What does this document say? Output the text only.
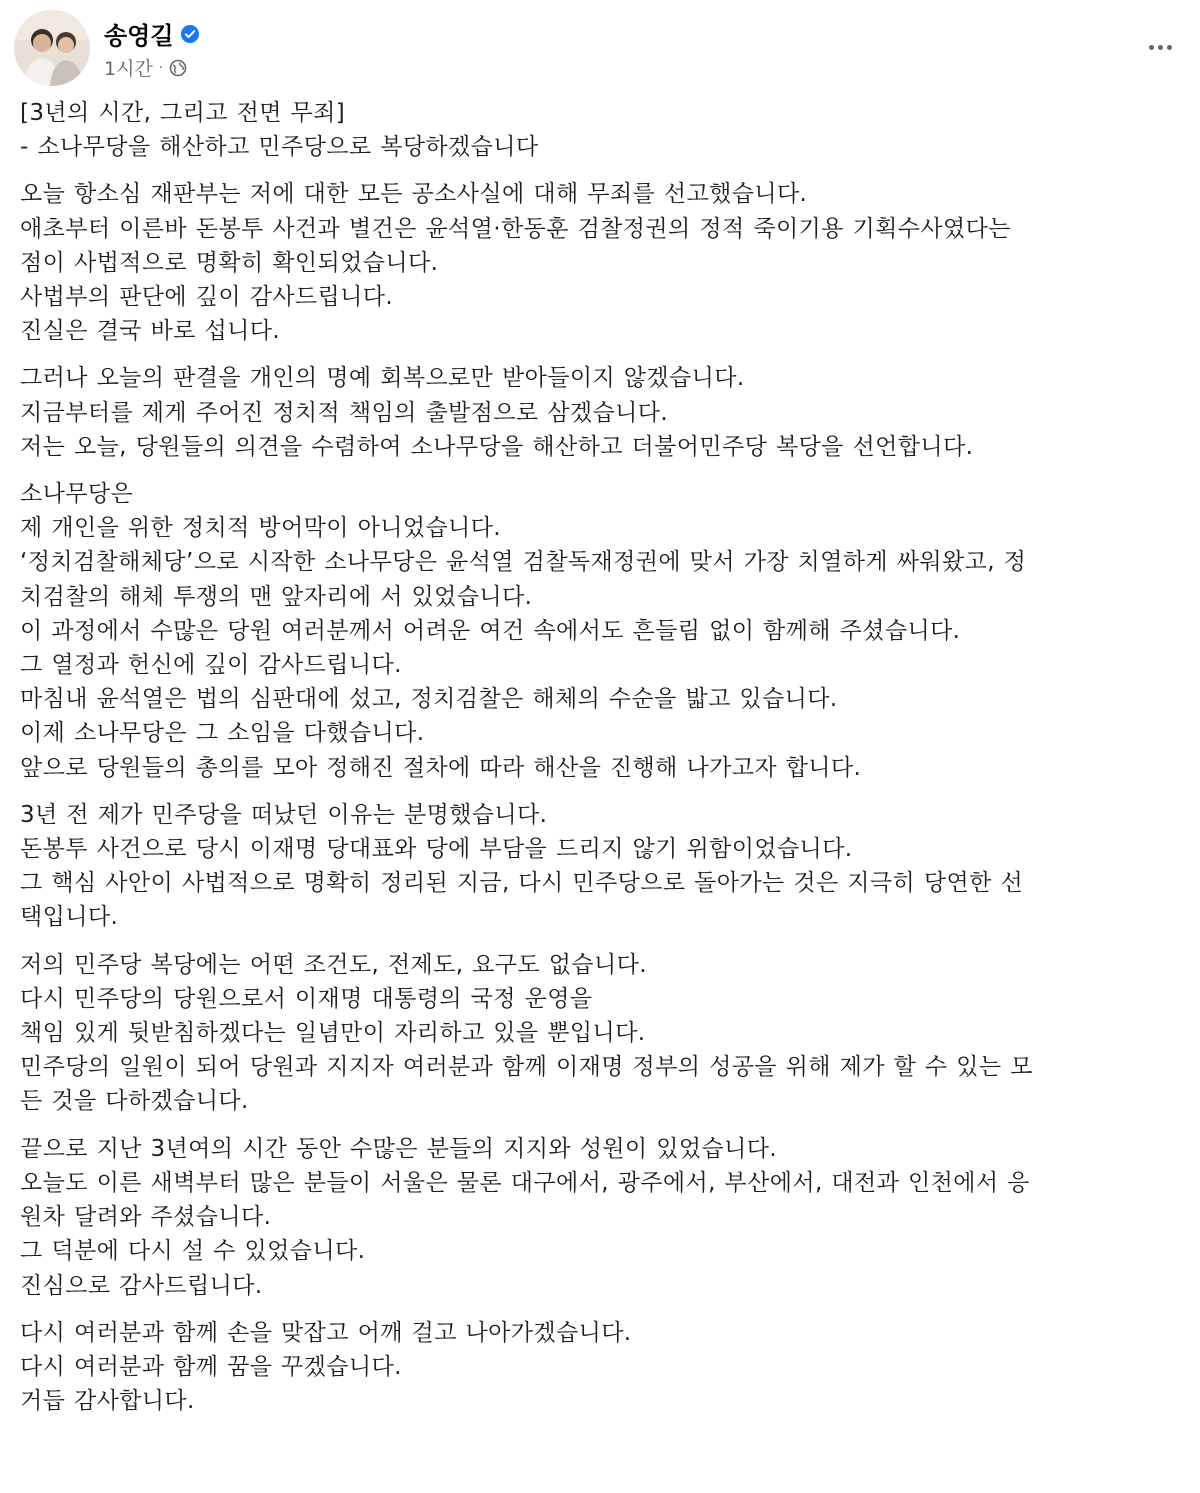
송영길
1시간 ·
[3년의 시간, 그리고 전면 무죄]
- 소나무당을 해산하고 민주당으로 복당하겠습니다
오늘 항소심 재판부는 저에 대한 모든 공소사실에 대해 무죄를 선고했습니다.
애초부터 이른바 돈봉투 사건과 별건은 윤석열·한동훈 검찰정권의 정적 죽이기용 기획수사였다는
점이 사법적으로 명확히 확인되었습니다.
사법부의 판단에 깊이 감사드립니다.
진실은 결국 바로 섭니다.
그러나 오늘의 판결을 개인의 명예 회복으로만 받아들이지 않겠습니다.
지금부터를 제게 주어진 정치적 책임의 출발점으로 삼겠습니다.
저는 오늘, 당원들의 의견을 수렴하여 소나무당을 해산하고 더불어민주당 복당을 선언합니다.
소나무당은
제 개인을 위한 정치적 방어막이 아니었습니다.
‘정치검찰해체당’으로 시작한 소나무당은 윤석열 검찰독재정권에 맞서 가장 치열하게 싸워왔고, 정
치검찰의 해체 투쟁의 맨 앞자리에 서 있었습니다.
이 과정에서 수많은 당원 여러분께서 어려운 여건 속에서도 흔들림 없이 함께해 주셨습니다.
그 열정과 헌신에 깊이 감사드립니다.
마침내 윤석열은 법의 심판대에 섰고, 정치검찰은 해체의 수순을 밟고 있습니다.
이제 소나무당은 그 소임을 다했습니다.
앞으로 당원들의 총의를 모아 정해진 절차에 따라 해산을 진행해 나가고자 합니다.
3년 전 제가 민주당을 떠났던 이유는 분명했습니다.
돈봉투 사건으로 당시 이재명 당대표와 당에 부담을 드리지 않기 위함이었습니다.
그 핵심 사안이 사법적으로 명확히 정리된 지금, 다시 민주당으로 돌아가는 것은 지극히 당연한 선
택입니다.
저의 민주당 복당에는 어떤 조건도, 전제도, 요구도 없습니다.
다시 민주당의 당원으로서 이재명 대통령의 국정 운영을
책임 있게 뒷받침하겠다는 일념만이 자리하고 있을 뿐입니다.
민주당의 일원이 되어 당원과 지지자 여러분과 함께 이재명 정부의 성공을 위해 제가 할 수 있는 모
든 것을 다하겠습니다.
끝으로 지난 3년여의 시간 동안 수많은 분들의 지지와 성원이 있었습니다.
오늘도 이른 새벽부터 많은 분들이 서울은 물론 대구에서, 광주에서, 부산에서, 대전과 인천에서 응
원차 달려와 주셨습니다.
그 덕분에 다시 설 수 있었습니다.
진심으로 감사드립니다.
다시 여러분과 함께 손을 맞잡고 어깨 걸고 나아가겠습니다.
다시 여러분과 함께 꿈을 꾸겠습니다.
거듭 감사합니다.
